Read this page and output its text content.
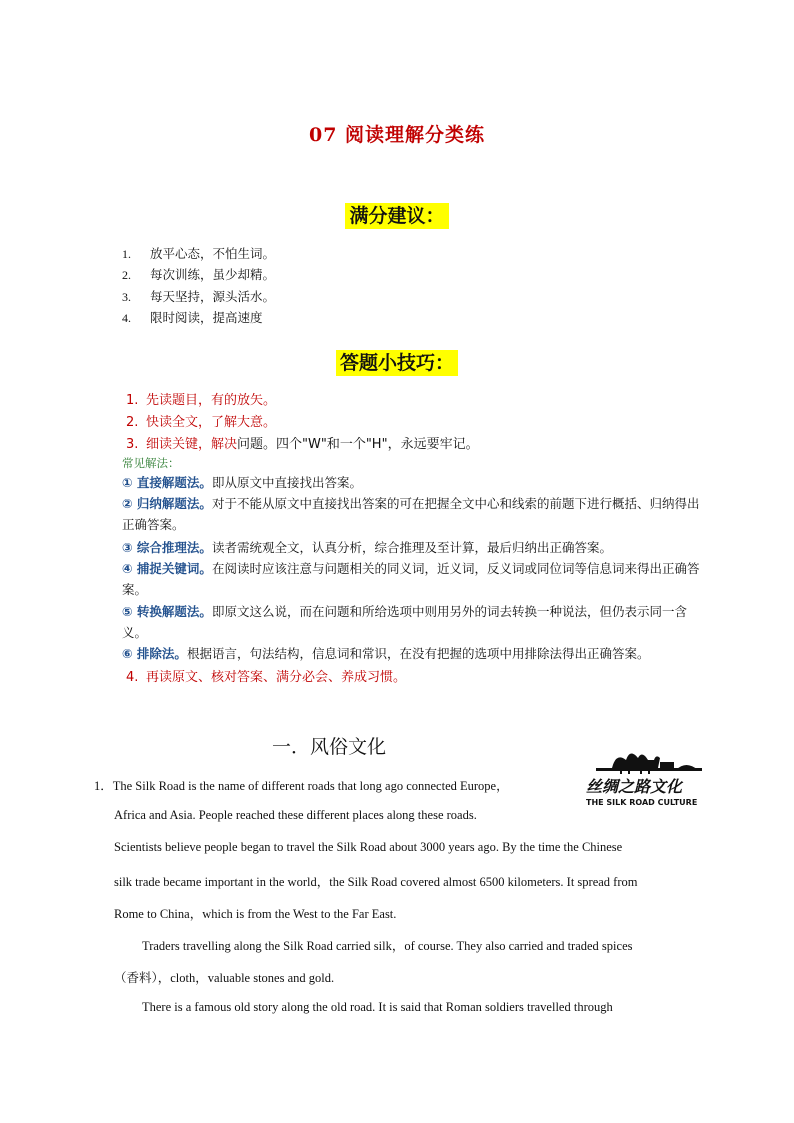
07 阅读理解分类练
满分建议：
1. 放平心态，不怕生词。
2. 每次训练，虽少却精。
3. 每天坚持，源头活水。
4. 限时阅读，提高速度
答题小技巧：
1. 先读题目，有的放矢。
2. 快读全文，了解大意。
3. 细读关键，解决问题。四个"W"和一个"H"，永远要牢记。
常见解法：
① 直接解题法。即从原文中直接找出答案。
② 归纳解题法。对于不能从原文中直接找出答案的可在把握全文中心和线索的前题下进行概括、归纳得出正确答案。
③ 综合推理法。读者需统观全文，认真分析，综合推理及至计算，最后归纳出正确答案。
④ 捕捉关键词。在阅读时应该注意与问题相关的同义词，近义词，反义词或同位词等信息词来得出正确答案。
⑤ 转换解题法。即原文这么说，而在问题和所给选项中则用另外的词去转换一种说法，但仍表示同一含义。
⑥ 排除法。根据语言，句法结构，信息词和常识，在没有把握的选项中用排除法得出正确答案。
4. 再读原文、核对答案、满分必会、养成习惯。
一．风俗文化
丝绸之路文化
THE SILK ROAD CULTURE
1．The Silk Road is the name of different roads that long ago connected Europe，
Africa and Asia. People reached these different places along these roads.
Scientists believe people began to travel the Silk Road about 3000 years ago. By the time the Chinese
silk trade became important in the world，the Silk Road covered almost 6500 kilometers. It spread from
Rome to China，which is from the West to the Far East.
Traders travelling along the Silk Road carried silk，of course. They also carried and traded spices
（香料），cloth，valuable stones and gold.
There is a famous old story along the old road. It is said that Roman soldiers travelled through
